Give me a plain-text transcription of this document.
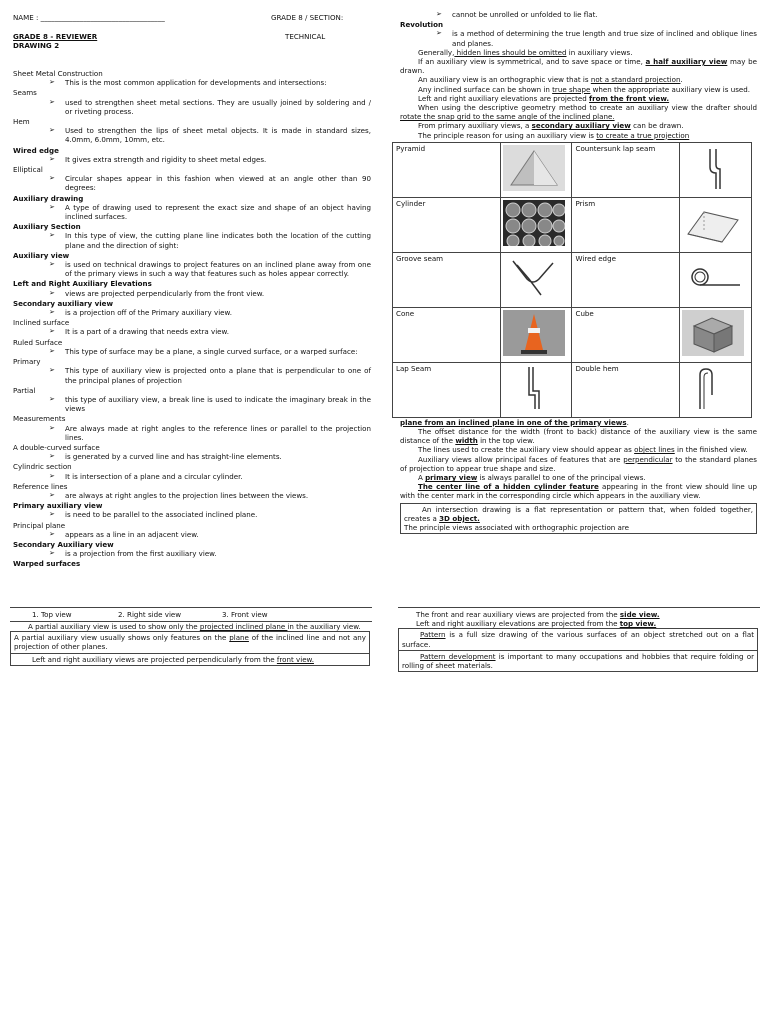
NAME : ___________________________________	GRADE 8 / SECTION:
GRADE 8 - REVIEWER	TECHNICAL
DRAWING 2
Sheet Metal Construction
➢ This is the most common application for developments and intersections:
Seams
➢ used to strengthen sheet metal sections. They are usually joined by soldering and / or riveting process.
Hem
➢ Used to strengthen the lips of sheet metal objects. It is made in standard sizes, 4.0mm, 6.0mm, 10mm, etc.
Wired edge
➢ It gives extra strength and rigidity to sheet metal edges.
Elliptical
➢ Circular shapes appear in this fashion when viewed at an angle other than 90 degrees:
Auxiliary drawing
➢ A type of drawing used to represent the exact size and shape of an object having inclined surfaces.
Auxiliary Section
➢ In this type of view, the cutting plane line indicates both the location of the cutting plane and the direction of sight:
Auxiliary view
➢ is used on technical drawings to project features on an inclined plane away from one of the primary views in such a way that features such as holes appear correctly.
Left and Right Auxiliary Elevations
➢ views are projected perpendicularly from the front view.
Secondary auxiliary view
➢ is a projection off of the Primary auxiliary view.
Inclined surface
➢ It is a part of a drawing that needs extra view.
Ruled Surface
➢ This type of surface may be a plane, a single curved surface, or a warped surface:
Primary
➢ This type of auxiliary view is projected onto a plane that is perpendicular to one of the principal planes of projection
Partial
➢ this type of auxiliary view, a break line is used to indicate the imaginary break in the views
Measurements
➢ Are always made at right angles to the reference lines or parallel to the projection lines.
A double-curved surface
➢ is generated by a curved line and has straight-line elements.
Cylindric section
➢ It is intersection of a plane and a circular cylinder.
Reference lines
➢ are always at right angles to the projection lines between the views.
Primary auxiliary view
➢ is need to be parallel to the associated inclined plane.
Principal plane
➢ appears as a line in an adjacent view.
Secondary Auxiliary view
➢ is a projection from the first auxiliary view.
Warped surfaces
➢ cannot be unrolled or unfolded to lie flat.
Revolution
➢ is a method of determining the true length and true size of inclined and oblique lines and planes.
Generally, hidden lines should be omitted in auxiliary views.
If an auxiliary view is symmetrical, and to save space or time, a half auxiliary view may be drawn.
An auxiliary view is an orthographic view that is not a standard projection.
Any inclined surface can be shown in true shape when the appropriate auxiliary view is used.
Left and right auxiliary elevations are projected from the front view.
When using the descriptive geometry method to create an auxiliary view the drafter should rotate the snap grid to the same angle of the inclined plane.
From primary auxiliary views, a secondary auxiliary view can be drawn.
The principle reason for using an auxiliary view is to create a true projection
Pyramid		Countersunk lap seam	

Cylinder		Prism	

Groove seam		Wired edge	

Cone		Cube	

Lap Seam		Double hem	
plane from an inclined plane in one of the primary views.
The offset distance for the width (front to back) distance of the auxiliary view is the same distance of the width in the top view.
The lines used to create the auxiliary view should appear as object lines in the finished view.
Auxiliary views allow principal faces of features that are perpendicular to the standard planes of projection to appear true shape and size.
A primary view is always parallel to one of the principal views.
The center line of a hidden cylinder feature appearing in the front view should line up with the center mark in the corresponding circle which appears in the auxiliary view.
An intersection drawing is a flat representation or pattern that, when folded together, creates a 3D object.
The principle views associated with orthographic projection are
1. Top view	2. Right side view	3. Front view
A partial auxiliary view is used to show only the projected inclined plane in the auxiliary view.
A partial auxiliary view usually shows only features on the plane of the inclined line and not any projection of other planes.
Left and right auxiliary views are projected perpendicularly from the front view.
The front and rear auxiliary views are projected from the side view.
Left and right auxiliary elevations are projected from the top view.
Pattern is a full size drawing of the various surfaces of an object stretched out on a flat surface.
Pattern development is important to many occupations and hobbies that require folding or rolling of sheet materials.
